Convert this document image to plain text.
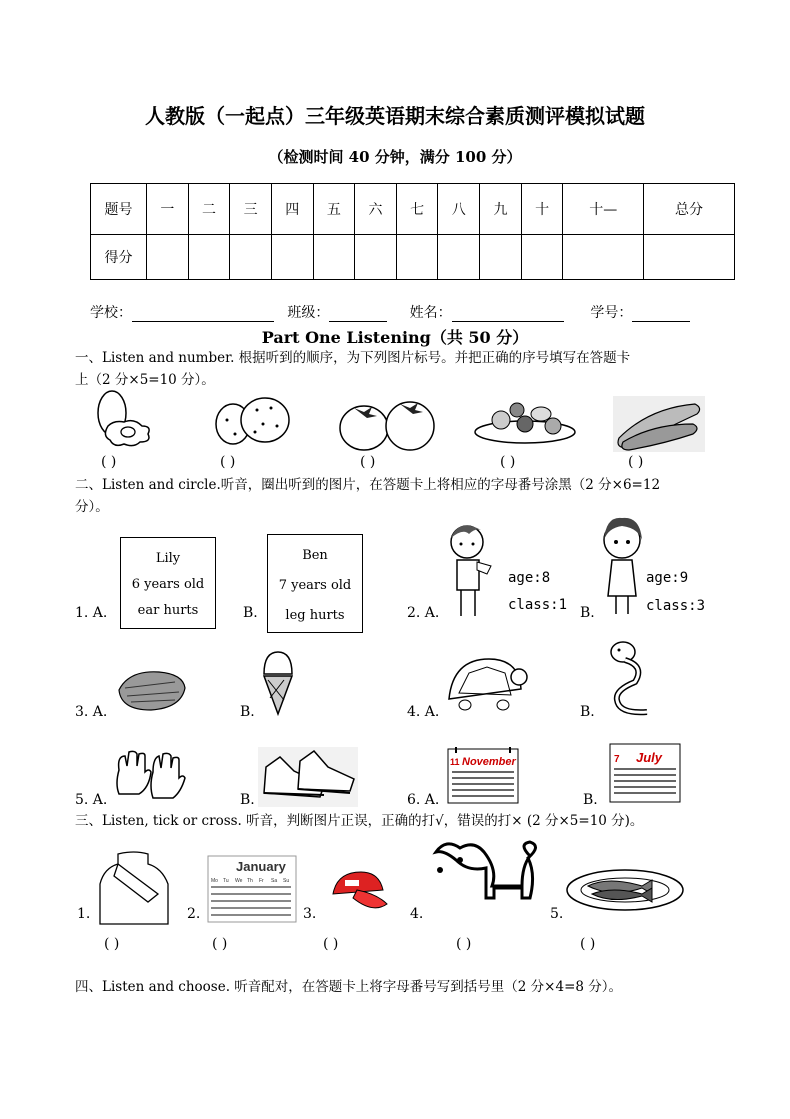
人教版（一起点）三年级英语期末综合素质测评模拟试题
（检测时间 40 分钟，满分 100 分）
题号	一	二	三	四	五	六	七	八	九	十	十—	总分
得分												
学校：	班级：	姓名：	学号：
Part One Listening（共 50 分）
一、Listen and number. 根据听到的顺序，为下列图片标号。并把正确的序号填写在答题卡
上（2 分×5=10 分）。
( )	( )	( )	( )	( )
二、Listen and circle.听音，圈出听到的图片，在答题卡上将相应的字母番号涂黑（2 分×6=12
分）。
Lily
6 years old
ear hurts
Ben
7 years old
leg hurts
age:8
class:1
age:9
class:3
1. A.	B.	2. A.	B.
3. A.	B.	4. A.	B.
11 November	7 July
5. A.	B.	6. A.	B.
三、Listen, tick or cross. 听音，判断图片正误，正确的打√，错误的打× (2 分×5=10 分)。
January
Mo Tu We Th Fr Sa Su
1.	2.	3.	4.	5.
( )	( )	( )	( )	( )
四、Listen and choose. 听音配对，在答题卡上将字母番号写到括号里（2 分×4=8 分）。
